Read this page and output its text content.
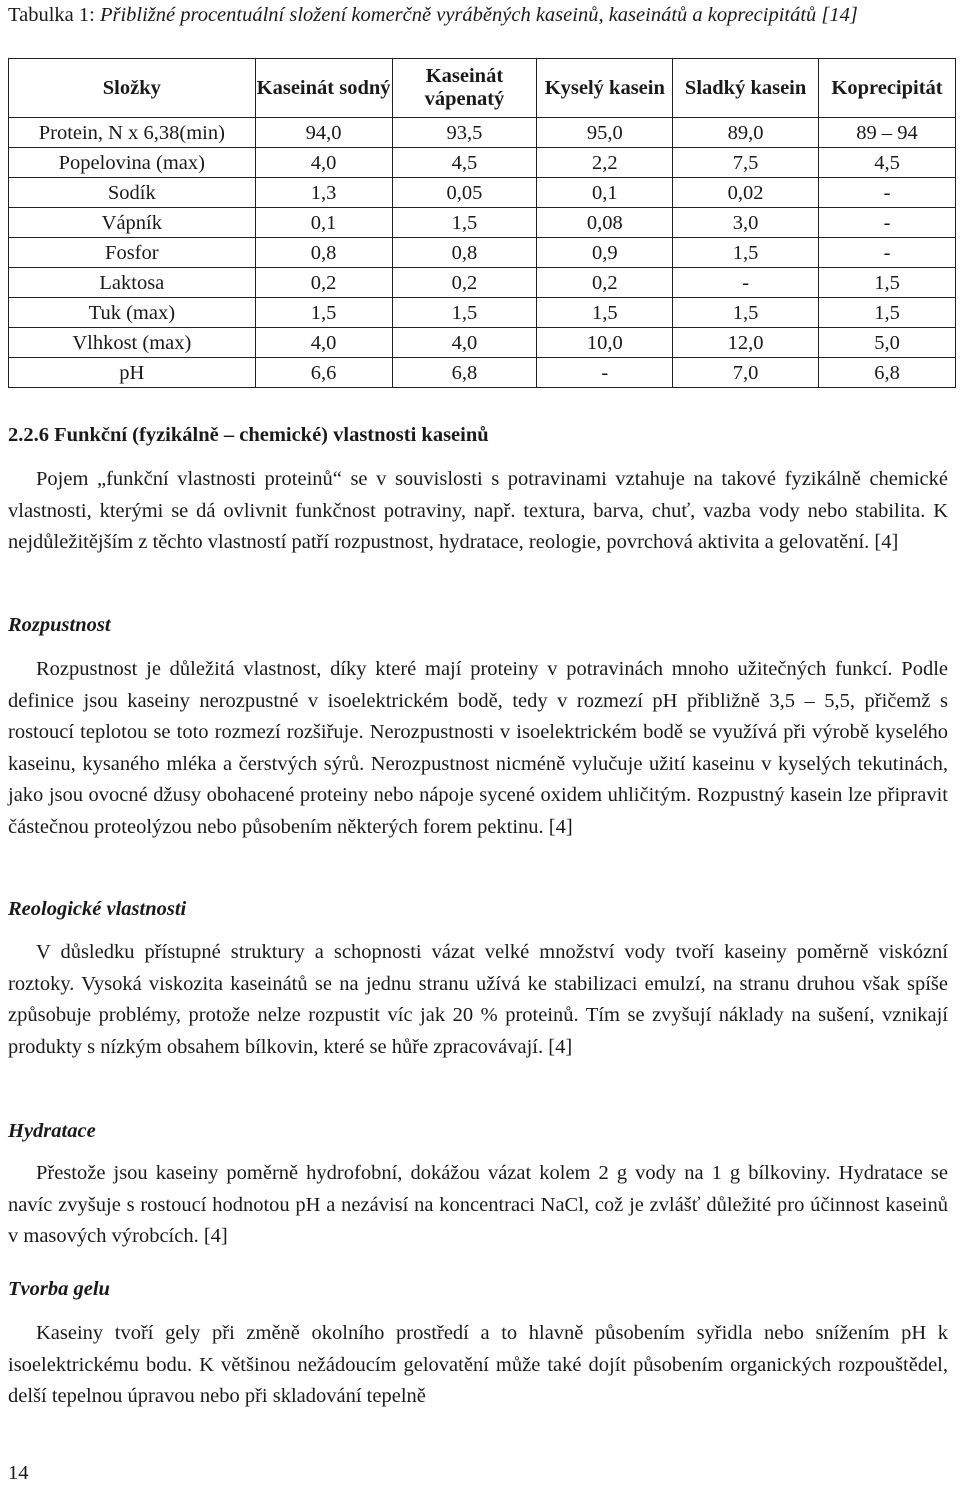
Tabulka 1: Přibližné procentuální složení komerčně vyráběných kaseinů, kaseinátů a koprecipitátů [14]
Složky	Kaseinát sodný	Kaseinát vápenatý	Kyselý kasein	Sladký kasein	Koprecipitát
Protein, N x 6,38(min)	94,0	93,5	95,0	89,0	89 – 94
Popelovina (max)	4,0	4,5	2,2	7,5	4,5
Sodík	1,3	0,05	0,1	0,02	-
Vápník	0,1	1,5	0,08	3,0	-
Fosfor	0,8	0,8	0,9	1,5	-
Laktosa	0,2	0,2	0,2	-	1,5
Tuk (max)	1,5	1,5	1,5	1,5	1,5
Vlhkost (max)	4,0	4,0	10,0	12,0	5,0
pH	6,6	6,8	-	7,0	6,8
2.2.6 Funkční (fyzikálně – chemické) vlastnosti kaseinů
Pojem „funkční vlastnosti proteinů“ se v souvislosti s potravinami vztahuje na takové fyzikálně chemické vlastnosti, kterými se dá ovlivnit funkčnost potraviny, např. textura, barva, chuť, vazba vody nebo stabilita. K nejdůležitějším z těchto vlastností patří rozpustnost, hydratace, reologie, povrchová aktivita a gelovatění. [4]
Rozpustnost
Rozpustnost je důležitá vlastnost, díky které mají proteiny v potravinách mnoho užitečných funkcí. Podle definice jsou kaseiny nerozpustné v isoelektrickém bodě, tedy v rozmezí pH přibližně 3,5 – 5,5, přičemž s rostoucí teplotou se toto rozmezí rozšiřuje. Nerozpustnosti v isoelektrickém bodě se využívá při výrobě kyselého kaseinu, kysaného mléka a čerstvých sýrů. Nerozpustnost nicméně vylučuje užití kaseinu v kyselých tekutinách, jako jsou ovocné džusy obohacené proteiny nebo nápoje sycené oxidem uhličitým. Rozpustný kasein lze připravit částečnou proteolýzou nebo působením některých forem pektinu. [4]
Reologické vlastnosti
V důsledku přístupné struktury a schopnosti vázat velké množství vody tvoří kaseiny poměrně viskózní roztoky. Vysoká viskozita kaseinátů se na jednu stranu užívá ke stabilizaci emulzí, na stranu druhou však spíše způsobuje problémy, protože nelze rozpustit víc jak 20 % proteinů. Tím se zvyšují náklady na sušení, vznikají produkty s nízkým obsahem bílkovin, které se hůře zpracovávají. [4]
Hydratace
Přestože jsou kaseiny poměrně hydrofobní, dokážou vázat kolem 2 g vody na 1 g bílkoviny. Hydratace se navíc zvyšuje s rostoucí hodnotou pH a nezávisí na koncentraci NaCl, což je zvlášť důležité pro účinnost kaseinů v masových výrobcích. [4]
Tvorba gelu
Kaseiny tvoří gely při změně okolního prostředí a to hlavně působením syřidla nebo snížením pH k isoelektrickému bodu. K většinou nežádoucím gelovatění může také dojít působením organických rozpouštědel, delší tepelnou úpravou nebo při skladování tepelně
14
